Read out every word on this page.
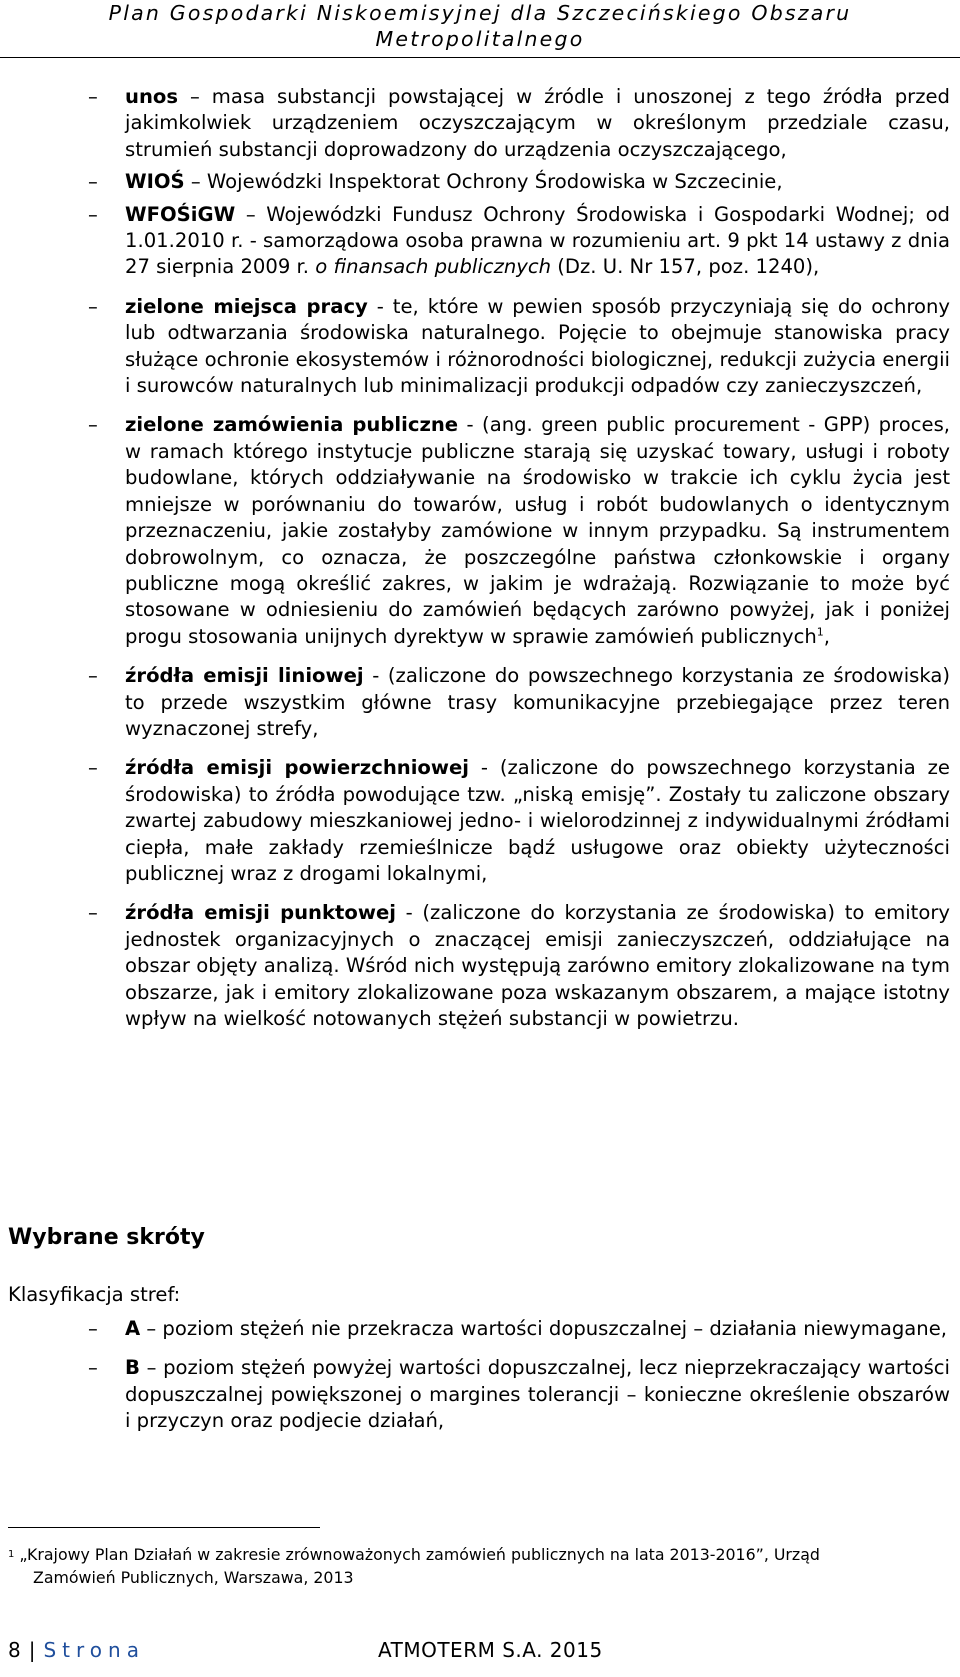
Plan Gospodarki Niskoemisyjnej dla Szczecińskiego Obszaru
Metropolitalnego
–	unos – masa substancji powstającej w źródle i unoszonej z tego źródła przed jakimkolwiek urządzeniem oczyszczającym w określonym przedziale czasu, strumień substancji doprowadzony do urządzenia oczyszczającego,
–	WIOŚ – Wojewódzki Inspektorat Ochrony Środowiska w Szczecinie,
–	WFOŚiGW – Wojewódzki Fundusz Ochrony Środowiska i Gospodarki Wodnej; od 1.01.2010 r. - samorządowa osoba prawna w rozumieniu art. 9 pkt 14 ustawy z dnia 27 sierpnia 2009 r. o finansach publicznych (Dz. U. Nr 157, poz. 1240),
–	zielone miejsca pracy - te, które w pewien sposób przyczyniają się do ochrony lub odtwarzania środowiska naturalnego. Pojęcie to obejmuje stanowiska pracy służące ochronie ekosystemów i różnorodności biologicznej, redukcji zużycia energii i surowców naturalnych lub minimalizacji produkcji odpadów czy zanieczyszczeń,
–	zielone zamówienia publiczne - (ang. green public procurement - GPP) proces, w ramach którego instytucje publiczne starają się uzyskać towary, usługi i roboty budowlane, których oddziaływanie na środowisko w trakcie ich cyklu życia jest mniejsze w porównaniu do towarów, usług i robót budowlanych o identycznym przeznaczeniu, jakie zostałyby zamówione w innym przypadku. Są instrumentem dobrowolnym, co oznacza, że poszczególne państwa członkowskie i organy publiczne mogą określić zakres, w jakim je wdrażają. Rozwiązanie to może być stosowane w odniesieniu do zamówień będących zarówno powyżej, jak i poniżej progu stosowania unijnych dyrektyw w sprawie zamówień publicznych$^1$,
–	źródła emisji liniowej - (zaliczone do powszechnego korzystania ze środowiska) to przede wszystkim główne trasy komunikacyjne przebiegające przez teren wyznaczonej strefy,
–	źródła emisji powierzchniowej - (zaliczone do powszechnego korzystania ze środowiska) to źródła powodujące tzw. „niską emisję”. Zostały tu zaliczone obszary zwartej zabudowy mieszkaniowej jedno- i wielorodzinnej z indywidualnymi źródłami ciepła, małe zakłady rzemieślnicze bądź usługowe oraz obiekty użyteczności publicznej wraz z drogami lokalnymi,
–	źródła emisji punktowej - (zaliczone do korzystania ze środowiska) to emitory jednostek organizacyjnych o znaczącej emisji zanieczyszczeń, oddziałujące na obszar objęty analizą. Wśród nich występują zarówno emitory zlokalizowane na tym obszarze, jak i emitory zlokalizowane poza wskazanym obszarem, a mające istotny wpływ na wielkość notowanych stężeń substancji w powietrzu.
Wybrane skróty
Klasyfikacja stref:
–	A – poziom stężeń nie przekracza wartości dopuszczalnej – działania niewymagane,
–	B – poziom stężeń powyżej wartości dopuszczalnej, lecz nieprzekraczający wartości dopuszczalnej powiększonej o margines tolerancji – konieczne określenie obszarów i przyczyn oraz podjecie działań,
$^1$ „Krajowy Plan Działań w zakresie zrównoważonych zamówień publicznych na lata 2013-2016”, Urząd
Zamówień Publicznych, Warszawa, 2013
8 | Strona	ATMOTERM S.A. 2015
